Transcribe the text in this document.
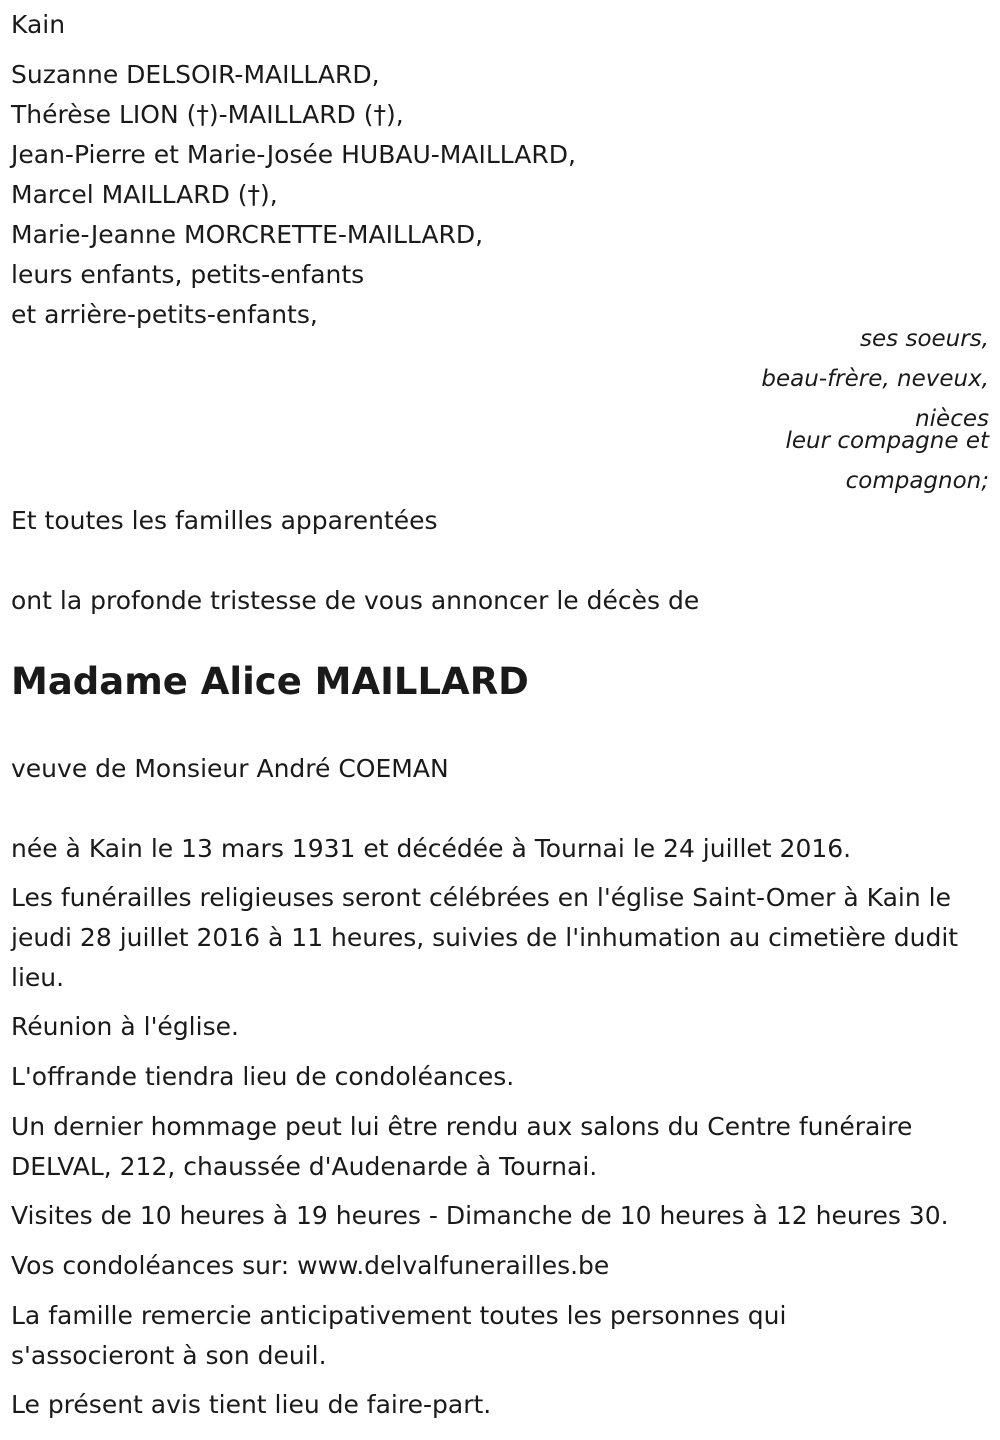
Kain

Suzanne DELSOIR-MAILLARD,

Thérèse LION (†)-MAILLARD (†),

Jean-Pierre et Marie-Josée HUBAU-MAILLARD,

Marcel MAILLARD (†),

Marie-Jeanne MORCRETTE-MAILLARD,

leurs enfants, petits-enfants

et arrière-petits-enfants,

ses soeurs,

beau-frère, neveux,

nièces

leur compagne et

compagnon;

Et toutes les familles apparentées

ont la profonde tristesse de vous annoncer le décès de

Madame Alice MAILLARD

veuve de Monsieur André COEMAN

née à Kain le 13 mars 1931 et décédée à Tournai le 24 juillet 2016.

Les funérailles religieuses seront célébrées en l'église Saint-Omer à Kain le jeudi 28 juillet 2016 à 11 heures, suivies de l'inhumation au cimetière dudit lieu.

Réunion à l'église.

L'offrande tiendra lieu de condoléances.

Un dernier hommage peut lui être rendu aux salons du Centre funéraire DELVAL, 212, chaussée d'Audenarde à Tournai.

Visites de 10 heures à 19 heures - Dimanche de 10 heures à 12 heures 30.

Vos condoléances sur: www.delvalfunerailles.be

La famille remercie anticipativement toutes les personnes qui s'associeront à son deuil.

Le présent avis tient lieu de faire-part.
